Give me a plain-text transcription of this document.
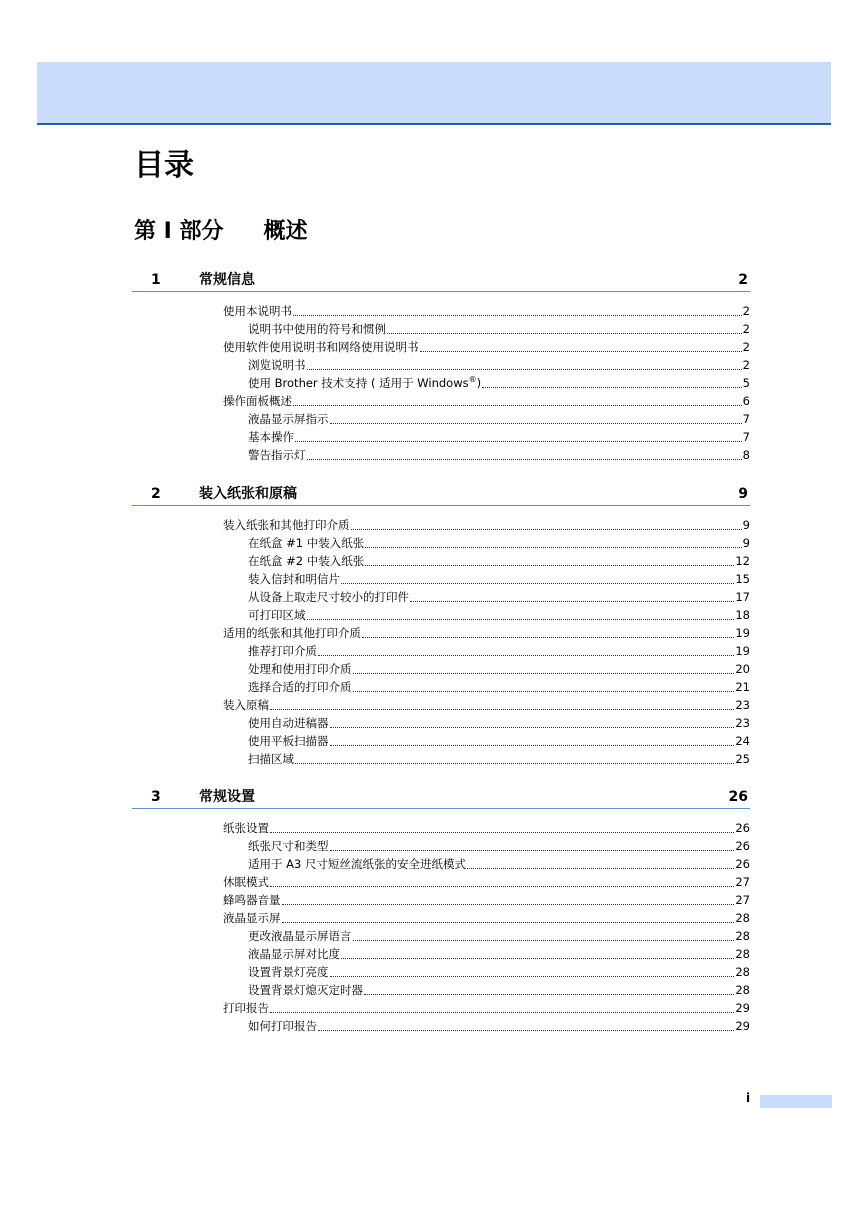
目录
第 I 部分 概述
1	常规信息	2
使用本说明书	2
说明书中使用的符号和惯例	2
使用软件使用说明书和网络使用说明书	2
浏览说明书	2
使用 Brother 技术支持 ( 适用于 Windows®)	5
操作面板概述	6
液晶显示屏指示	7
基本操作	7
警告指示灯	8
2	装入纸张和原稿	9
装入纸张和其他打印介质	9
在纸盒 #1 中装入纸张	9
在纸盒 #2 中装入纸张	12
装入信封和明信片	15
从设备上取走尺寸较小的打印件	17
可打印区域	18
适用的纸张和其他打印介质	19
推荐打印介质	19
处理和使用打印介质	20
选择合适的打印介质	21
装入原稿	23
使用自动进稿器	23
使用平板扫描器	24
扫描区域	25
3	常规设置	26
纸张设置	26
纸张尺寸和类型	26
适用于 A3 尺寸短丝流纸张的安全进纸模式	26
休眠模式	27
蜂鸣器音量	27
液晶显示屏	28
更改液晶显示屏语言	28
液晶显示屏对比度	28
设置背景灯亮度	28
设置背景灯熄灭定时器	28
打印报告	29
如何打印报告	29
i
